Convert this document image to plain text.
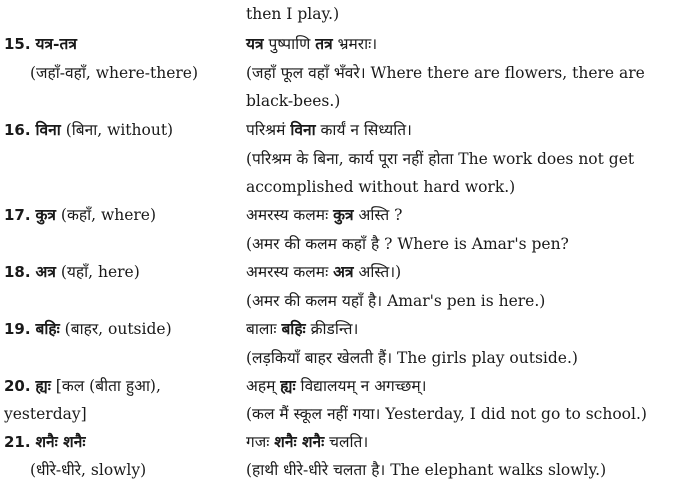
then I play.)
15. यत्र-तत्र	यत्र पुष्पाणि तत्र भ्रमराः।
(जहाँ-वहाँ, where-there)	(जहाँ फूल वहाँ भँवरे। Where there are flowers, there are
black-bees.)
16. विना (बिना, without)	परिश्रमं विना कार्यं न सिध्यति।
(परिश्रम के बिना, कार्य पूरा नहीं होता The work does not get
accomplished without hard work.)
17. कुत्र (कहाँ, where)	अमरस्य कलमः कुत्र अस्ति ?
(अमर की कलम कहाँ है ? Where is Amar's pen?
18. अत्र (यहाँ, here)	अमरस्य कलमः अत्र अस्ति।)
(अमर की कलम यहाँ है। Amar's pen is here.)
19. बहिः (बाहर, outside)	बालाः बहिः क्रीडन्ति।
(लड़कियाँ बाहर खेलती हैं। The girls play outside.)
20. ह्यः [कल (बीता हुआ),	अहम् ह्यः विद्यालयम् न अगच्छम्।
yesterday]	(कल मैं स्कूल नहीं गया। Yesterday, I did not go to school.)
21. शनैः शनैः	गजः शनैः शनैः चलति।
(धीरे-धीरे, slowly)	(हाथी धीरे-धीरे चलता है। The elephant walks slowly.)
